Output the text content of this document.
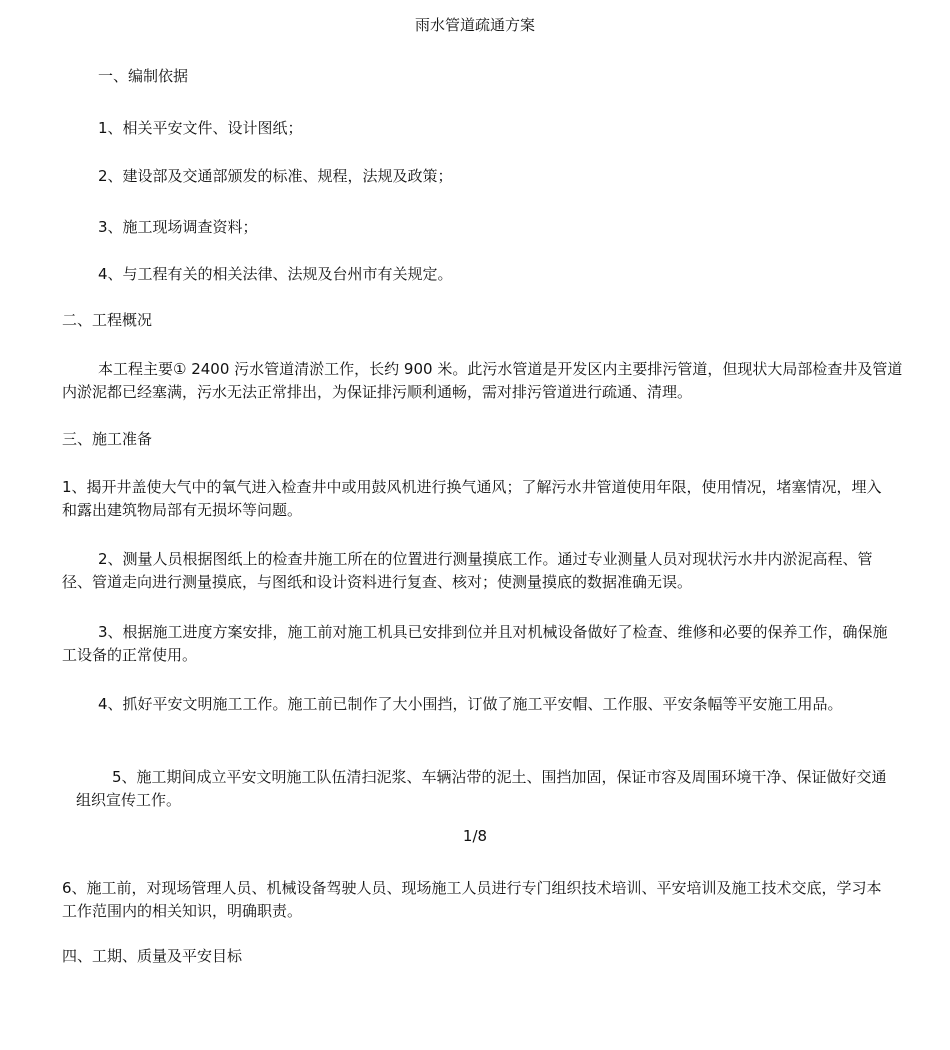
雨水管道疏通方案

一、编制依据

1、相关平安文件、设计图纸；

2、建设部及交通部颁发的标准、规程，法规及政策；

3、施工现场调查资料；

4、与工程有关的相关法律、法规及台州市有关规定。

二、工程概况

本工程主要① 2400 污水管道清淤工作，长约 900 米。此污水管道是开发区内主要排污管道，但现状大局部检查井及管道内淤泥都已经塞满，污水无法正常排出，为保证排污顺利通畅，需对排污管道进行疏通、清理。

三、施工准备

1、揭开井盖使大气中的氧气进入检查井中或用鼓风机进行换气通风；了解污水井管道使用年限，使用情况，堵塞情况，埋入和露出建筑物局部有无损坏等问题。

2、测量人员根据图纸上的检查井施工所在的位置进行测量摸底工作。通过专业测量人员对现状污水井内淤泥高程、管径、管道走向进行测量摸底，与图纸和设计资料进行复查、核对；使测量摸底的数据准确无误。

3、根据施工进度方案安排，施工前对施工机具已安排到位并且对机械设备做好了检查、维修和必要的保养工作，确保施工设备的正常使用。

4、抓好平安文明施工工作。施工前已制作了大小围挡，订做了施工平安帽、工作服、平安条幅等平安施工用品。

5、施工期间成立平安文明施工队伍清扫泥浆、车辆沾带的泥土、围挡加固，保证市容及周围环境干净、保证做好交通组织宣传工作。

1/8

6、施工前，对现场管理人员、机械设备驾驶人员、现场施工人员进行专门组织技术培训、平安培训及施工技术交底，学习本工作范围内的相关知识，明确职责。

四、工期、质量及平安目标
